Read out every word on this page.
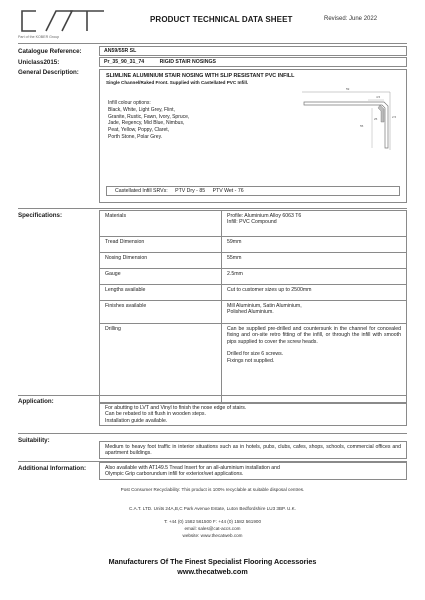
Part of the KOBER Group
PRODUCT TECHNICAL DATA SHEET	Revised: June 2022
Catalogue Reference:	AN59/55R SL
Uniclass2015:	Pr_35_90_31_74	RIGID STAIR NOSINGS
General Description:	SLIMLINE ALUMINIUM STAIR NOSING WITH SLIP RESISTANT PVC INFILL
Single Channel/Raked Front. Supplied with Castellated PVC Infill.
Infill colour options:
Black, White, Light Grey, Flint,
Granite, Rustic, Fawn, Ivory, Spruce,
Jade, Regency, Mid Blue, Nimbus,
Peat, Yellow, Poppy, Claret,
Porth Stone, Polar Grey.
59
4.5
55
25	2.5
Castellated Infill SRVs: PTV Dry - 85 PTV Wet - 76
Specifications:	Materials	Profile: Aluminium Alloy 6063 T6
Infill: PVC Compound

Tread Dimension	59mm
Nosing Dimension	55mm
Gauge	2.5mm
Lengths available	Cut to customer sizes up to 2500mm
Finishes available	Mill Aluminium, Satin Aluminium,
Polished Aluminium.

Drilling	Can be supplied pre-drilled and countersunk in the channel for concealed fixing and on-site retro fitting of the infill, or through the infill with smooth pips supplied to cover the screw heads.
Drilled for size 6 screws.
Fixings not supplied.
Application:
For abutting to LVT and Vinyl to finish the nose edge of stairs.
Can be rebated to sit flush in wooden steps.
Installation guide available.
Suitability:
Medium to heavy foot traffic in interior situations such as in hotels, pubs, clubs, cafes, shops, schools, commercial offices and apartment buildings.
Additional Information:	Also available with AT149.5 Tread Insert for an all-aluminium installation and
Olympic Grip carborundum infill for exterior/wet applications.
Post Consumer Recyclability: This product is 100% recyclable at suitable disposal centres.
C.A.T. LTD. Units 24A,B,C Park Avenue Estate, Luton Bedfordshire LU3 3BP. U.K.
T: +44 (0) 1582 561500 F: +44 (0) 1582 561900
email: sales@cat-accs.com
website: www.thecatweb.com
Manufacturers Of The Finest Specialist Flooring Accessories
www.thecatweb.com
